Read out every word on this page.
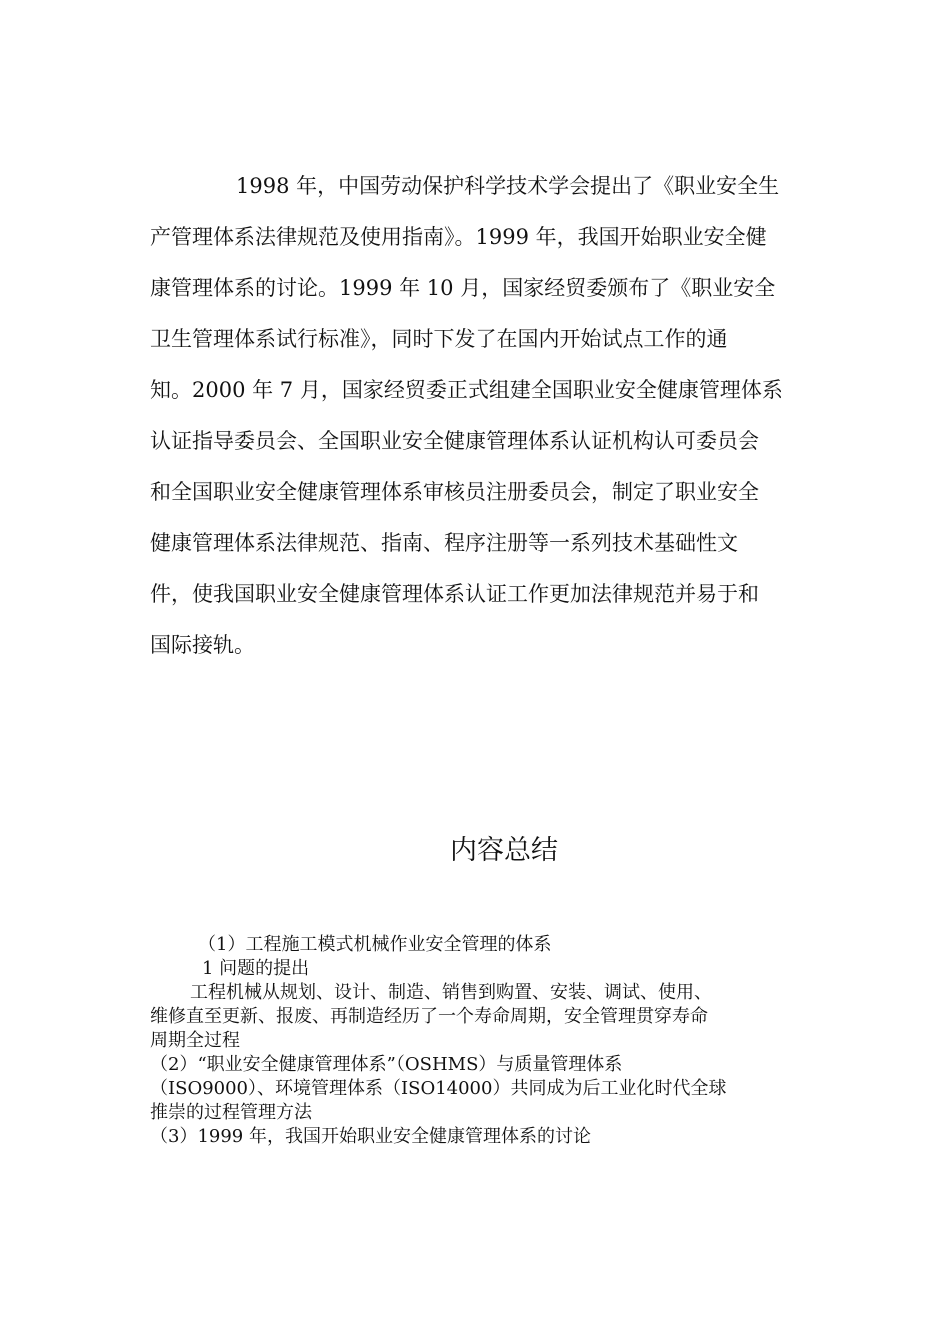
1998 年，中国劳动保护科学技术学会提出了《职业安全生
产管理体系法律规范及使用指南》。1999 年，我国开始职业安全健
康管理体系的讨论。1999 年 10 月，国家经贸委颁布了《职业安全
卫生管理体系试行标准》，同时下发了在国内开始试点工作的通
知。2000 年 7 月，国家经贸委正式组建全国职业安全健康管理体系
认证指导委员会、全国职业安全健康管理体系认证机构认可委员会
和全国职业安全健康管理体系审核员注册委员会，制定了职业安全
健康管理体系法律规范、指南、程序注册等一系列技术基础性文
件，使我国职业安全健康管理体系认证工作更加法律规范并易于和
国际接轨。
内容总结
（1）工程施工模式机械作业安全管理的体系
1 问题的提出
工程机械从规划、设计、制造、销售到购置、安装、调试、使用、
维修直至更新、报废、再制造经历了一个寿命周期，安全管理贯穿寿命
周期全过程
（2）“职业安全健康管理体系”（OSHMS）与质量管理体系
（ISO9000）、环境管理体系（ISO14000）共同成为后工业化时代全球
推崇的过程管理方法
（3）1999 年，我国开始职业安全健康管理体系的讨论
